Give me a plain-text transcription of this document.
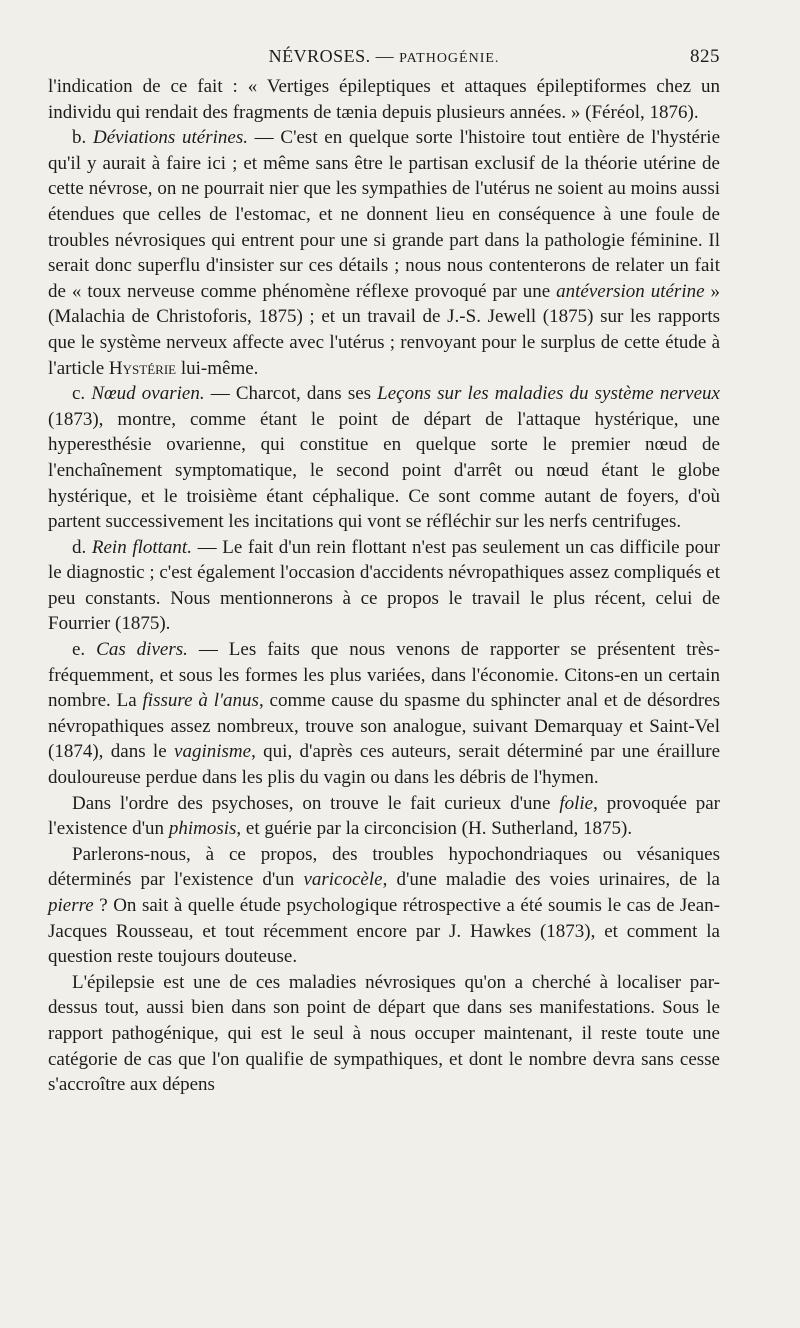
NÉVROSES. — PATHOGÉNIE.	825

l'indication de ce fait : « Vertiges épileptiques et attaques épileptiformes chez un individu qui rendait des fragments de tænia depuis plusieurs années. » (Féréol, 1876).

b. Déviations utérines. — C'est en quelque sorte l'histoire tout entière de l'hystérie qu'il y aurait à faire ici ; et même sans être le partisan exclusif de la théorie utérine de cette névrose, on ne pourrait nier que les sympathies de l'utérus ne soient au moins aussi étendues que celles de l'estomac, et ne donnent lieu en conséquence à une foule de troubles névrosiques qui entrent pour une si grande part dans la pathologie féminine. Il serait donc superflu d'insister sur ces détails ; nous nous contenterons de relater un fait de « toux nerveuse comme phénomène réflexe provoqué par une antéversion utérine » (Malachia de Christoforis, 1875) ; et un travail de J.-S. Jewell (1875) sur les rapports que le système nerveux affecte avec l'utérus ; renvoyant pour le surplus de cette étude à l'article Hystérie lui-même.

c. Nœud ovarien. — Charcot, dans ses Leçons sur les maladies du système nerveux (1873), montre, comme étant le point de départ de l'attaque hystérique, une hyperesthésie ovarienne, qui constitue en quelque sorte le premier nœud de l'enchaînement symptomatique, le second point d'arrêt ou nœud étant le globe hystérique, et le troisième étant céphalique. Ce sont comme autant de foyers, d'où partent successivement les incitations qui vont se réfléchir sur les nerfs centrifuges.

d. Rein flottant. — Le fait d'un rein flottant n'est pas seulement un cas difficile pour le diagnostic ; c'est également l'occasion d'accidents névropathiques assez compliqués et peu constants. Nous mentionnerons à ce propos le travail le plus récent, celui de Fourrier (1875).

e. Cas divers. — Les faits que nous venons de rapporter se présentent très-fréquemment, et sous les formes les plus variées, dans l'économie. Citons-en un certain nombre. La fissure à l'anus, comme cause du spasme du sphincter anal et de désordres névropathiques assez nombreux, trouve son analogue, suivant Demarquay et Saint-Vel (1874), dans le vaginisme, qui, d'après ces auteurs, serait déterminé par une éraillure douloureuse perdue dans les plis du vagin ou dans les débris de l'hymen.

Dans l'ordre des psychoses, on trouve le fait curieux d'une folie, provoquée par l'existence d'un phimosis, et guérie par la circoncision (H. Sutherland, 1875).

Parlerons-nous, à ce propos, des troubles hypochondriaques ou vésaniques déterminés par l'existence d'un varicocèle, d'une maladie des voies urinaires, de la pierre ? On sait à quelle étude psychologique rétrospective a été soumis le cas de Jean-Jacques Rousseau, et tout récemment encore par J. Hawkes (1873), et comment la question reste toujours douteuse.

L'épilepsie est une de ces maladies névrosiques qu'on a cherché à localiser par-dessus tout, aussi bien dans son point de départ que dans ses manifestations. Sous le rapport pathogénique, qui est le seul à nous occuper maintenant, il reste toute une catégorie de cas que l'on qualifie de sympathiques, et dont le nombre devra sans cesse s'accroître aux dépens
